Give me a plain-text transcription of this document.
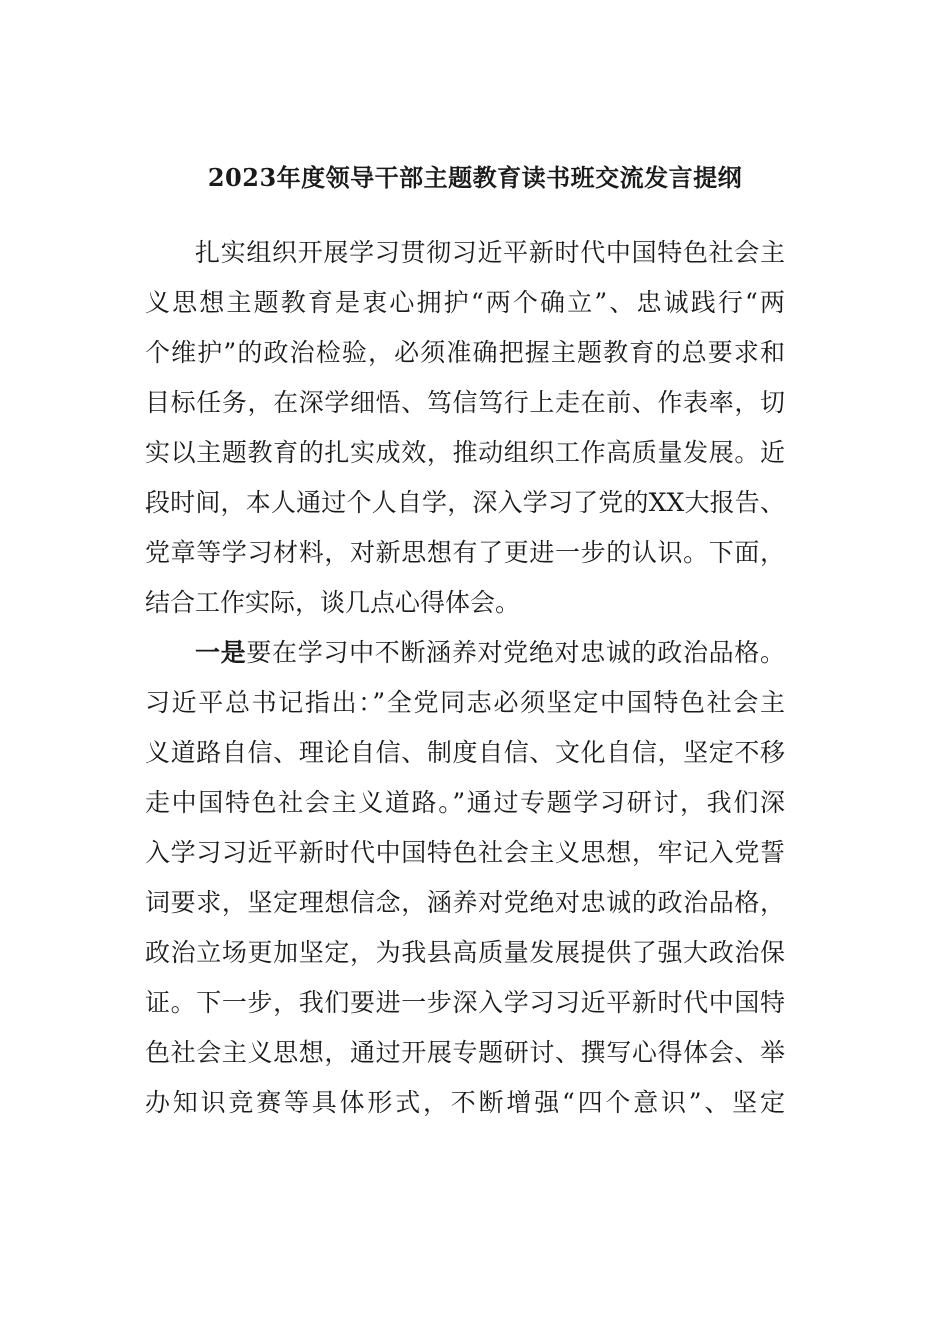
2023年度领导干部主题教育读书班交流发言提纲

扎实组织开展学习贯彻习近平新时代中国特色社会主

义思想主题教育是衷心拥护“两个确立”、忠诚践行“两

个维护”的政治检验，必须准确把握主题教育的总要求和

目标任务，在深学细悟、笃信笃行上走在前、作表率，切

实以主题教育的扎实成效，推动组织工作高质量发展。近

段时间，本人通过个人自学，深入学习了党的XX大报告、

党章等学习材料，对新思想有了更进一步的认识。下面，

结合工作实际，谈几点心得体会。

一是要在学习中不断涵养对党绝对忠诚的政治品格。

习近平总书记指出：”全党同志必须坚定中国特色社会主

义道路自信、理论自信、制度自信、文化自信，坚定不移

走中国特色社会主义道路。”通过专题学习研讨，我们深

入学习习近平新时代中国特色社会主义思想，牢记入党誓

词要求，坚定理想信念，涵养对党绝对忠诚的政治品格，

政治立场更加坚定，为我县高质量发展提供了强大政治保

证。下一步，我们要进一步深入学习习近平新时代中国特

色社会主义思想，通过开展专题研讨、撰写心得体会、举

办知识竞赛等具体形式，不断增强“四个意识”、坚定
